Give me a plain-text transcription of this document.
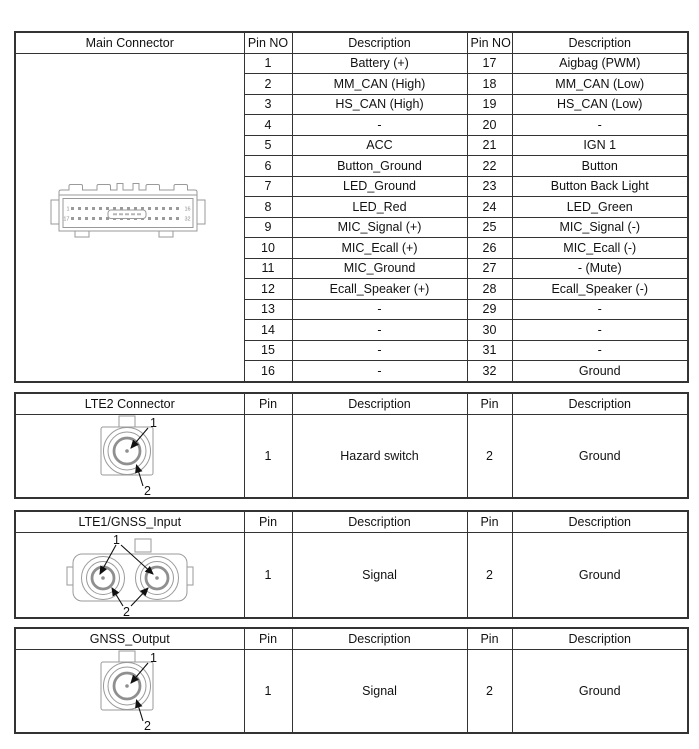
Main Connector	Pin NO	Description	Pin NO	Description

1
17
16
32	1	Battery (+)	17	Aigbag (PWM)
	2	MM_CAN (High)	18	MM_CAN (Low)
	3	HS_CAN (High)	19	HS_CAN (Low)
	4	-	20	-
	5	ACC	21	IGN 1
	6	Button_Ground	22	Button
	7	LED_Ground	23	Button Back Light
	8	LED_Red	24	LED_Green
	9	MIC_Signal (+)	25	MIC_Signal (-)
	10	MIC_Ecall (+)	26	MIC_Ecall (-)
	11	MIC_Ground	27	- (Mute)
	12	Ecall_Speaker (+)	28	Ecall_Speaker (-)
	13	-	29	-
	14	-	30	-
	15	-	31	-
	16	-	32	Ground
LTE2 Connector	Pin	Description	Pin	Description

1
2	1	Hazard switch	2	Ground
LTE1/GNSS_Input	Pin	Description	Pin	Description

1
2	1	Signal	2	Ground
GNSS_Output	Pin	Description	Pin	Description

1
2	1	Signal	2	Ground
